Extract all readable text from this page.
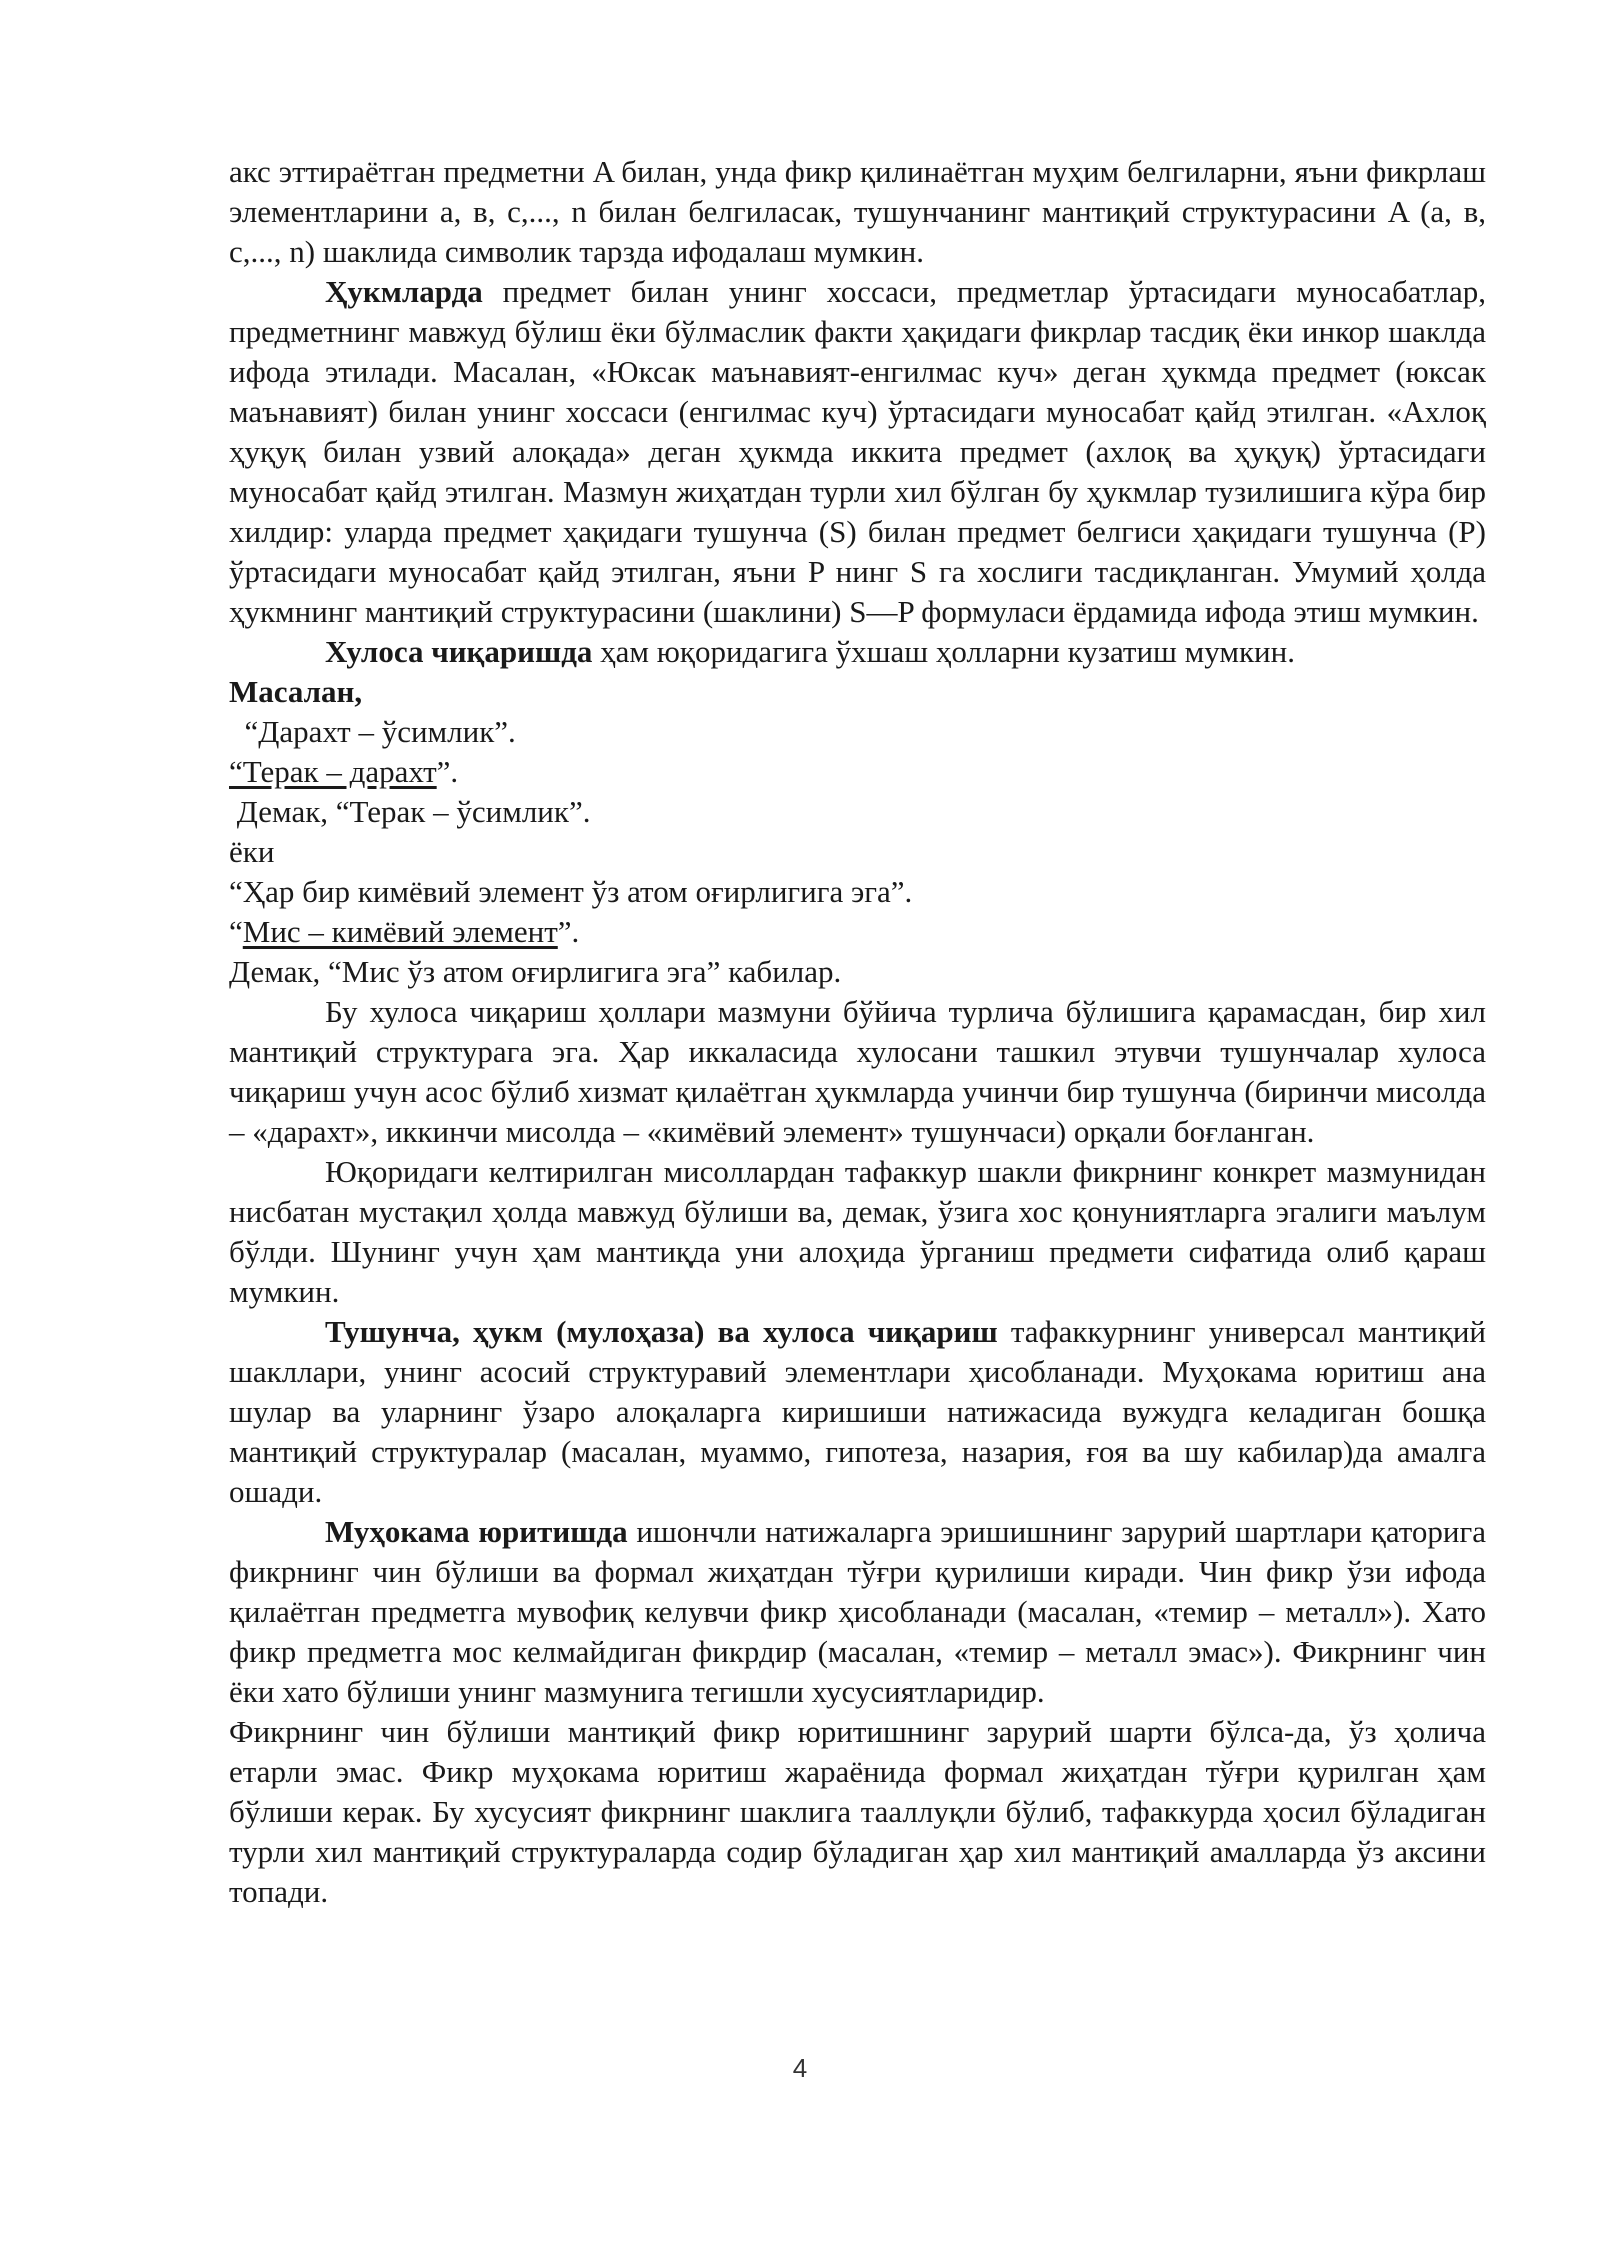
акс эттираётган предметни A билан, унда фикр қилинаётган муҳим белгиларни, яъни фикрлаш элементларини a, в, c,..., n билан белгиласак, тушунчанинг мантиқий структурасини A (a, в, c,..., n) шаклида символик тарзда ифодалаш мумкин.

Ҳукмларда предмет билан унинг хоссаси, предметлар ўртасидаги муносабатлар, предметнинг мавжуд бўлиш ёки бўлмаслик факти ҳақидаги фикрлар тасдиқ ёки инкор шаклда ифода этилади. Масалан, «Юксак маънавият-енгилмас куч» деган ҳукмда предмет (юксак маънавият) билан унинг хоссаси (енгилмас куч) ўртасидаги муносабат қайд этилган. «Ахлоқ ҳуқуқ билан узвий алоқада» деган ҳукмда иккита предмет (ахлоқ ва ҳуқуқ) ўртасидаги муносабат қайд этилган. Мазмун жиҳатдан турли хил бўлган бу ҳукмлар тузилишига кўра бир хилдир: уларда предмет ҳақидаги тушунча (S) билан предмет белгиси ҳақидаги тушунча (P) ўртасидаги муносабат қайд этилган, яъни P нинг S га хослиги тасдиқланган. Умумий ҳолда ҳукмнинг мантиқий структурасини (шаклини) S—P формуласи ёрдамида ифода этиш мумкин.

Хулоса чиқаришда ҳам юқоридагига ўхшаш ҳолларни кузатиш мумкин.

Масалан,

“Дарахт – ўсимлик”.

“Терак – дарахт”.

Демак, “Терак – ўсимлик”.

ёки

“Ҳар бир кимёвий элемент ўз атом оғирлигига эга”.

“Мис – кимёвий элемент”.

Демак, “Мис ўз атом оғирлигига эга” кабилар.

Бу хулоса чиқариш ҳоллари мазмуни бўйича турлича бўлишига қарамасдан, бир хил мантиқий структурага эга. Ҳар иккаласида хулосани ташкил этувчи тушунчалар хулоса чиқариш учун асос бўлиб хизмат қилаётган ҳукмларда учинчи бир тушунча (биринчи мисолда – «дарахт», иккинчи мисолда – «кимёвий элемент» тушунчаси) орқали боғланган.

Юқоридаги келтирилган мисоллардан тафаккур шакли фикрнинг конкрет мазмунидан нисбатан мустақил ҳолда мавжуд бўлиши ва, демак, ўзига хос қонуниятларга эгалиги маълум бўлди. Шунинг учун ҳам мантиқда уни алоҳида ўрганиш предмети сифатида олиб қараш мумкин.

Тушунча, ҳукм (мулоҳаза) ва хулоса чиқариш тафаккурнинг универсал мантиқий шакллари, унинг асосий структуравий элементлари ҳисобланади. Муҳокама юритиш ана шулар ва уларнинг ўзаро алоқаларга киришиши натижасида вужудга келадиган бошқа мантиқий структуралар (масалан, муаммо, гипотеза, назария, ғоя ва шу кабилар)да амалга ошади.

Муҳокама юритишда ишончли натижаларга эришишнинг зарурий шартлари қаторига фикрнинг чин бўлиши ва формал жиҳатдан тўғри қурилиши киради. Чин фикр ўзи ифода қилаётган предметга мувофиқ келувчи фикр ҳисобланади (масалан, «темир – металл»). Хато фикр предметга мос келмайдиган фикрдир (масалан, «темир – металл эмас»). Фикрнинг чин ёки хато бўлиши унинг мазмунига тегишли хусусиятларидир.

Фикрнинг чин бўлиши мантиқий фикр юритишнинг зарурий шарти бўлса-да, ўз ҳолича етарли эмас. Фикр муҳокама юритиш жараёнида формал жиҳатдан тўғри қурилган ҳам бўлиши керак. Бу хусусият фикрнинг шаклига тааллуқли бўлиб, тафаккурда ҳосил бўладиган турли хил мантиқий структураларда содир бўладиган ҳар хил мантиқий амалларда ўз аксини топади.

4
